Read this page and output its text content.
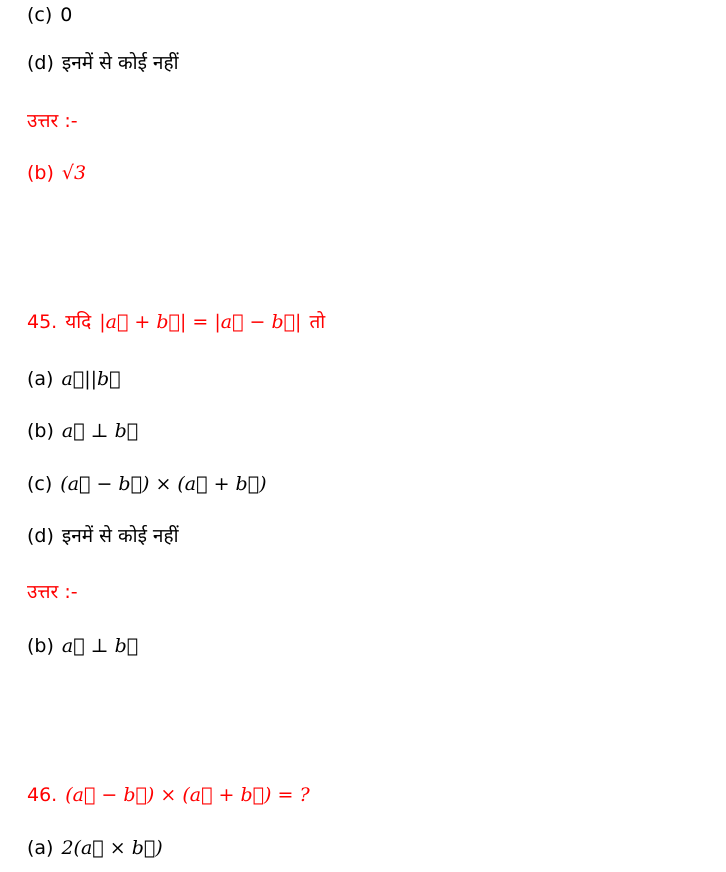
(c) 0
(d) इनमें से कोई नहीं
उत्तर :-
(b) √3
45. यदि |a⃗ + b⃗| = |a⃗ − b⃗| तो
(a) a⃗||b⃗
(b) a⃗ ⊥ b⃗
(c) (a⃗ − b⃗) × (a⃗ + b⃗)
(d) इनमें से कोई नहीं
उत्तर :-
(b) a⃗ ⊥ b⃗
46. (a⃗ − b⃗) × (a⃗ + b⃗) = ?
(a) 2(a⃗ × b⃗)
